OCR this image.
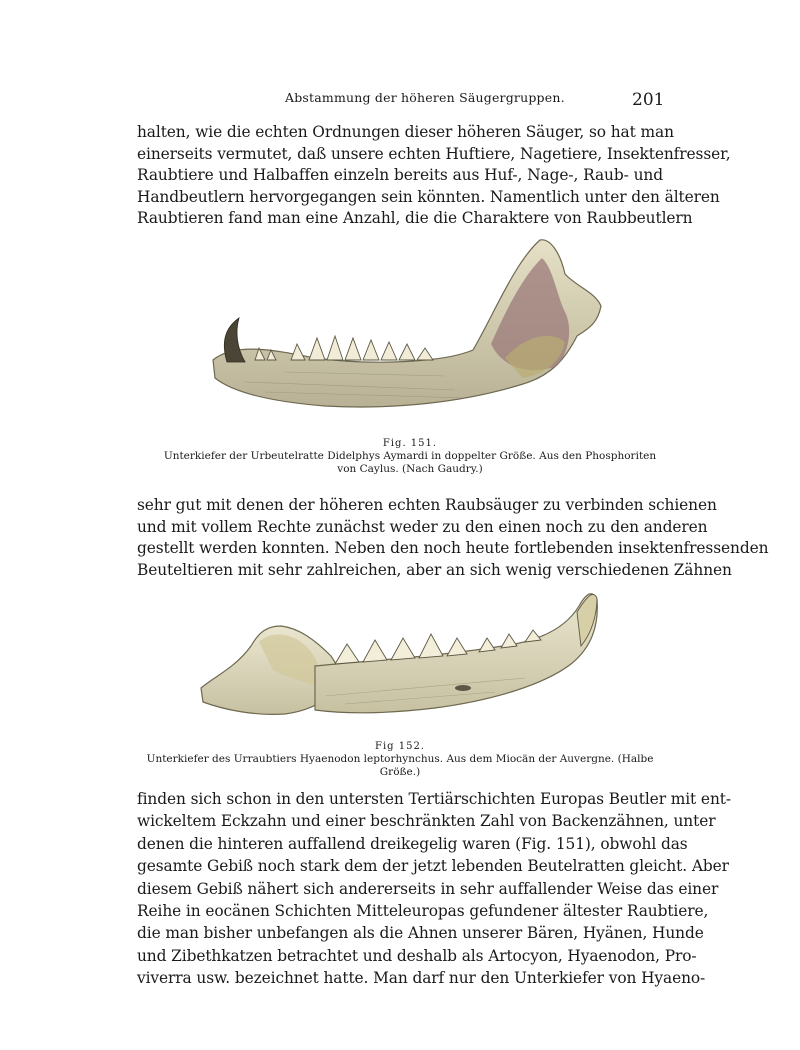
Abstammung der höheren Säugergruppen.	201
halten, wie die echten Ordnungen dieser höheren Säuger, so hat man
einerseits vermutet, daß unsere echten Huftiere, Nagetiere, Insektenfresser,
Raubtiere und Halbaffen einzeln bereits aus Huf-, Nage-, Raub- und
Handbeutlern hervorgegangen sein könnten. Namentlich unter den älteren
Raubtieren fand man eine Anzahl, die die Charaktere von Raubbeutlern
Fig. 151.
Unterkiefer der Urbeutelratte Didelphys Aymardi in doppelter Größe. Aus den Phosphoriten
von Caylus. (Nach Gaudry.)
sehr gut mit denen der höheren echten Raubsäuger zu verbinden schienen
und mit vollem Rechte zunächst weder zu den einen noch zu den anderen
gestellt werden konnten. Neben den noch heute fortlebenden insektenfressenden
Beuteltieren mit sehr zahlreichen, aber an sich wenig verschiedenen Zähnen
Fig 152.
Unterkiefer des Urraubtiers Hyaenodon leptorhynchus. Aus dem Miocän der Auvergne. (Halbe Größe.)
finden sich schon in den untersten Tertiärschichten Europas Beutler mit ent-
wickeltem Eckzahn und einer beschränkten Zahl von Backenzähnen, unter
denen die hinteren auffallend dreikegelig waren (Fig. 151), obwohl das
gesamte Gebiß noch stark dem der jetzt lebenden Beutelratten gleicht. Aber
diesem Gebiß nähert sich andererseits in sehr auffallender Weise das einer
Reihe in eocänen Schichten Mitteleuropas gefundener ältester Raubtiere,
die man bisher unbefangen als die Ahnen unserer Bären, Hyänen, Hunde
und Zibethkatzen betrachtet und deshalb als Artocyon, Hyaenodon, Pro-
viverra usw. bezeichnet hatte. Man darf nur den Unterkiefer von Hyaeno-
